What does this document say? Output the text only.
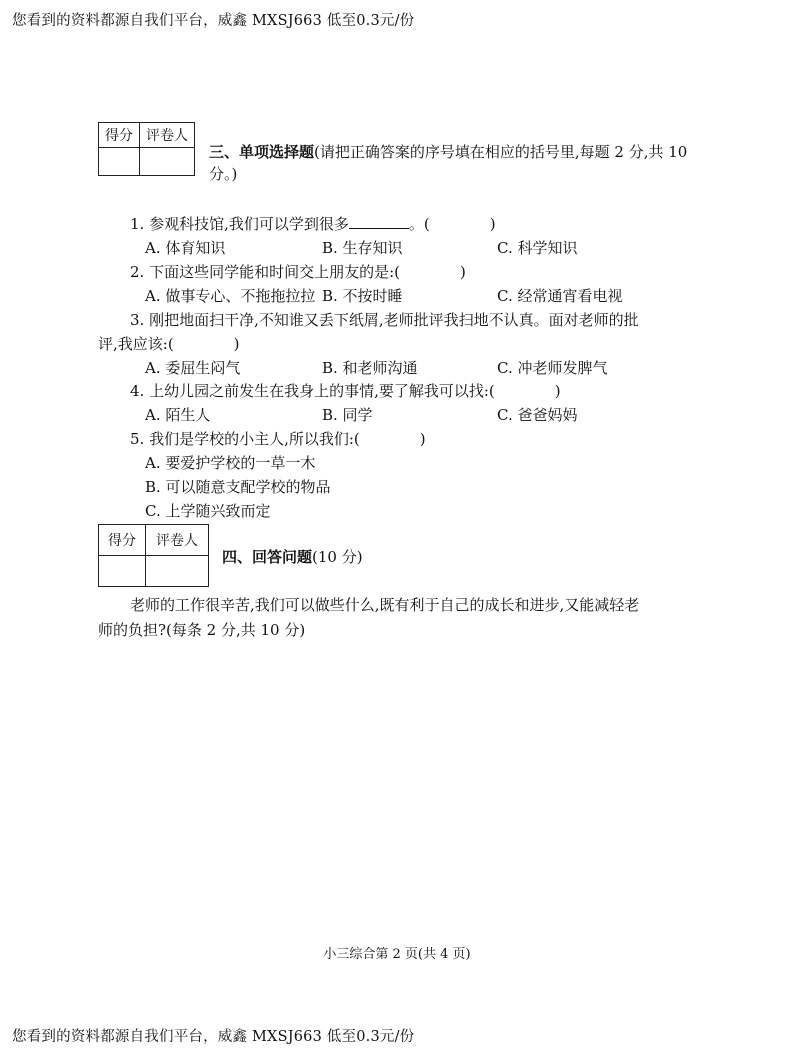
您看到的资料都源自我们平台，威鑫 MXSJ663 低至0.3元/份
得分	评卷人

三、单项选择题(请把正确答案的序号填在相应的括号里,每题 2 分,共 10
分。)
1. 参观科技馆,我们可以学到很多	。(　　　　)
A. 体育知识	B. 生存知识	C. 科学知识
2. 下面这些同学能和时间交上朋友的是:(　　　　)
A. 做事专心、不拖拖拉拉 B. 不按时睡	C. 经常通宵看电视
3. 刚把地面扫干净,不知谁又丢下纸屑,老师批评我扫地不认真。面对老师的批
评,我应该:(　　　　)
A. 委屈生闷气	B. 和老师沟通	C. 冲老师发脾气
4. 上幼儿园之前发生在我身上的事情,要了解我可以找:(　　　　)
A. 陌生人	B. 同学	C. 爸爸妈妈
5. 我们是学校的小主人,所以我们:(　　　　)
A. 要爱护学校的一草一木
B. 可以随意支配学校的物品
C. 上学随兴致而定
得分	评卷人

四、回答问题(10 分)
老师的工作很辛苦,我们可以做些什么,既有利于自己的成长和进步,又能减轻老
师的负担?(每条 2 分,共 10 分)
小三综合第 2 页(共 4 页)
您看到的资料都源自我们平台，威鑫 MXSJ663 低至0.3元/份
